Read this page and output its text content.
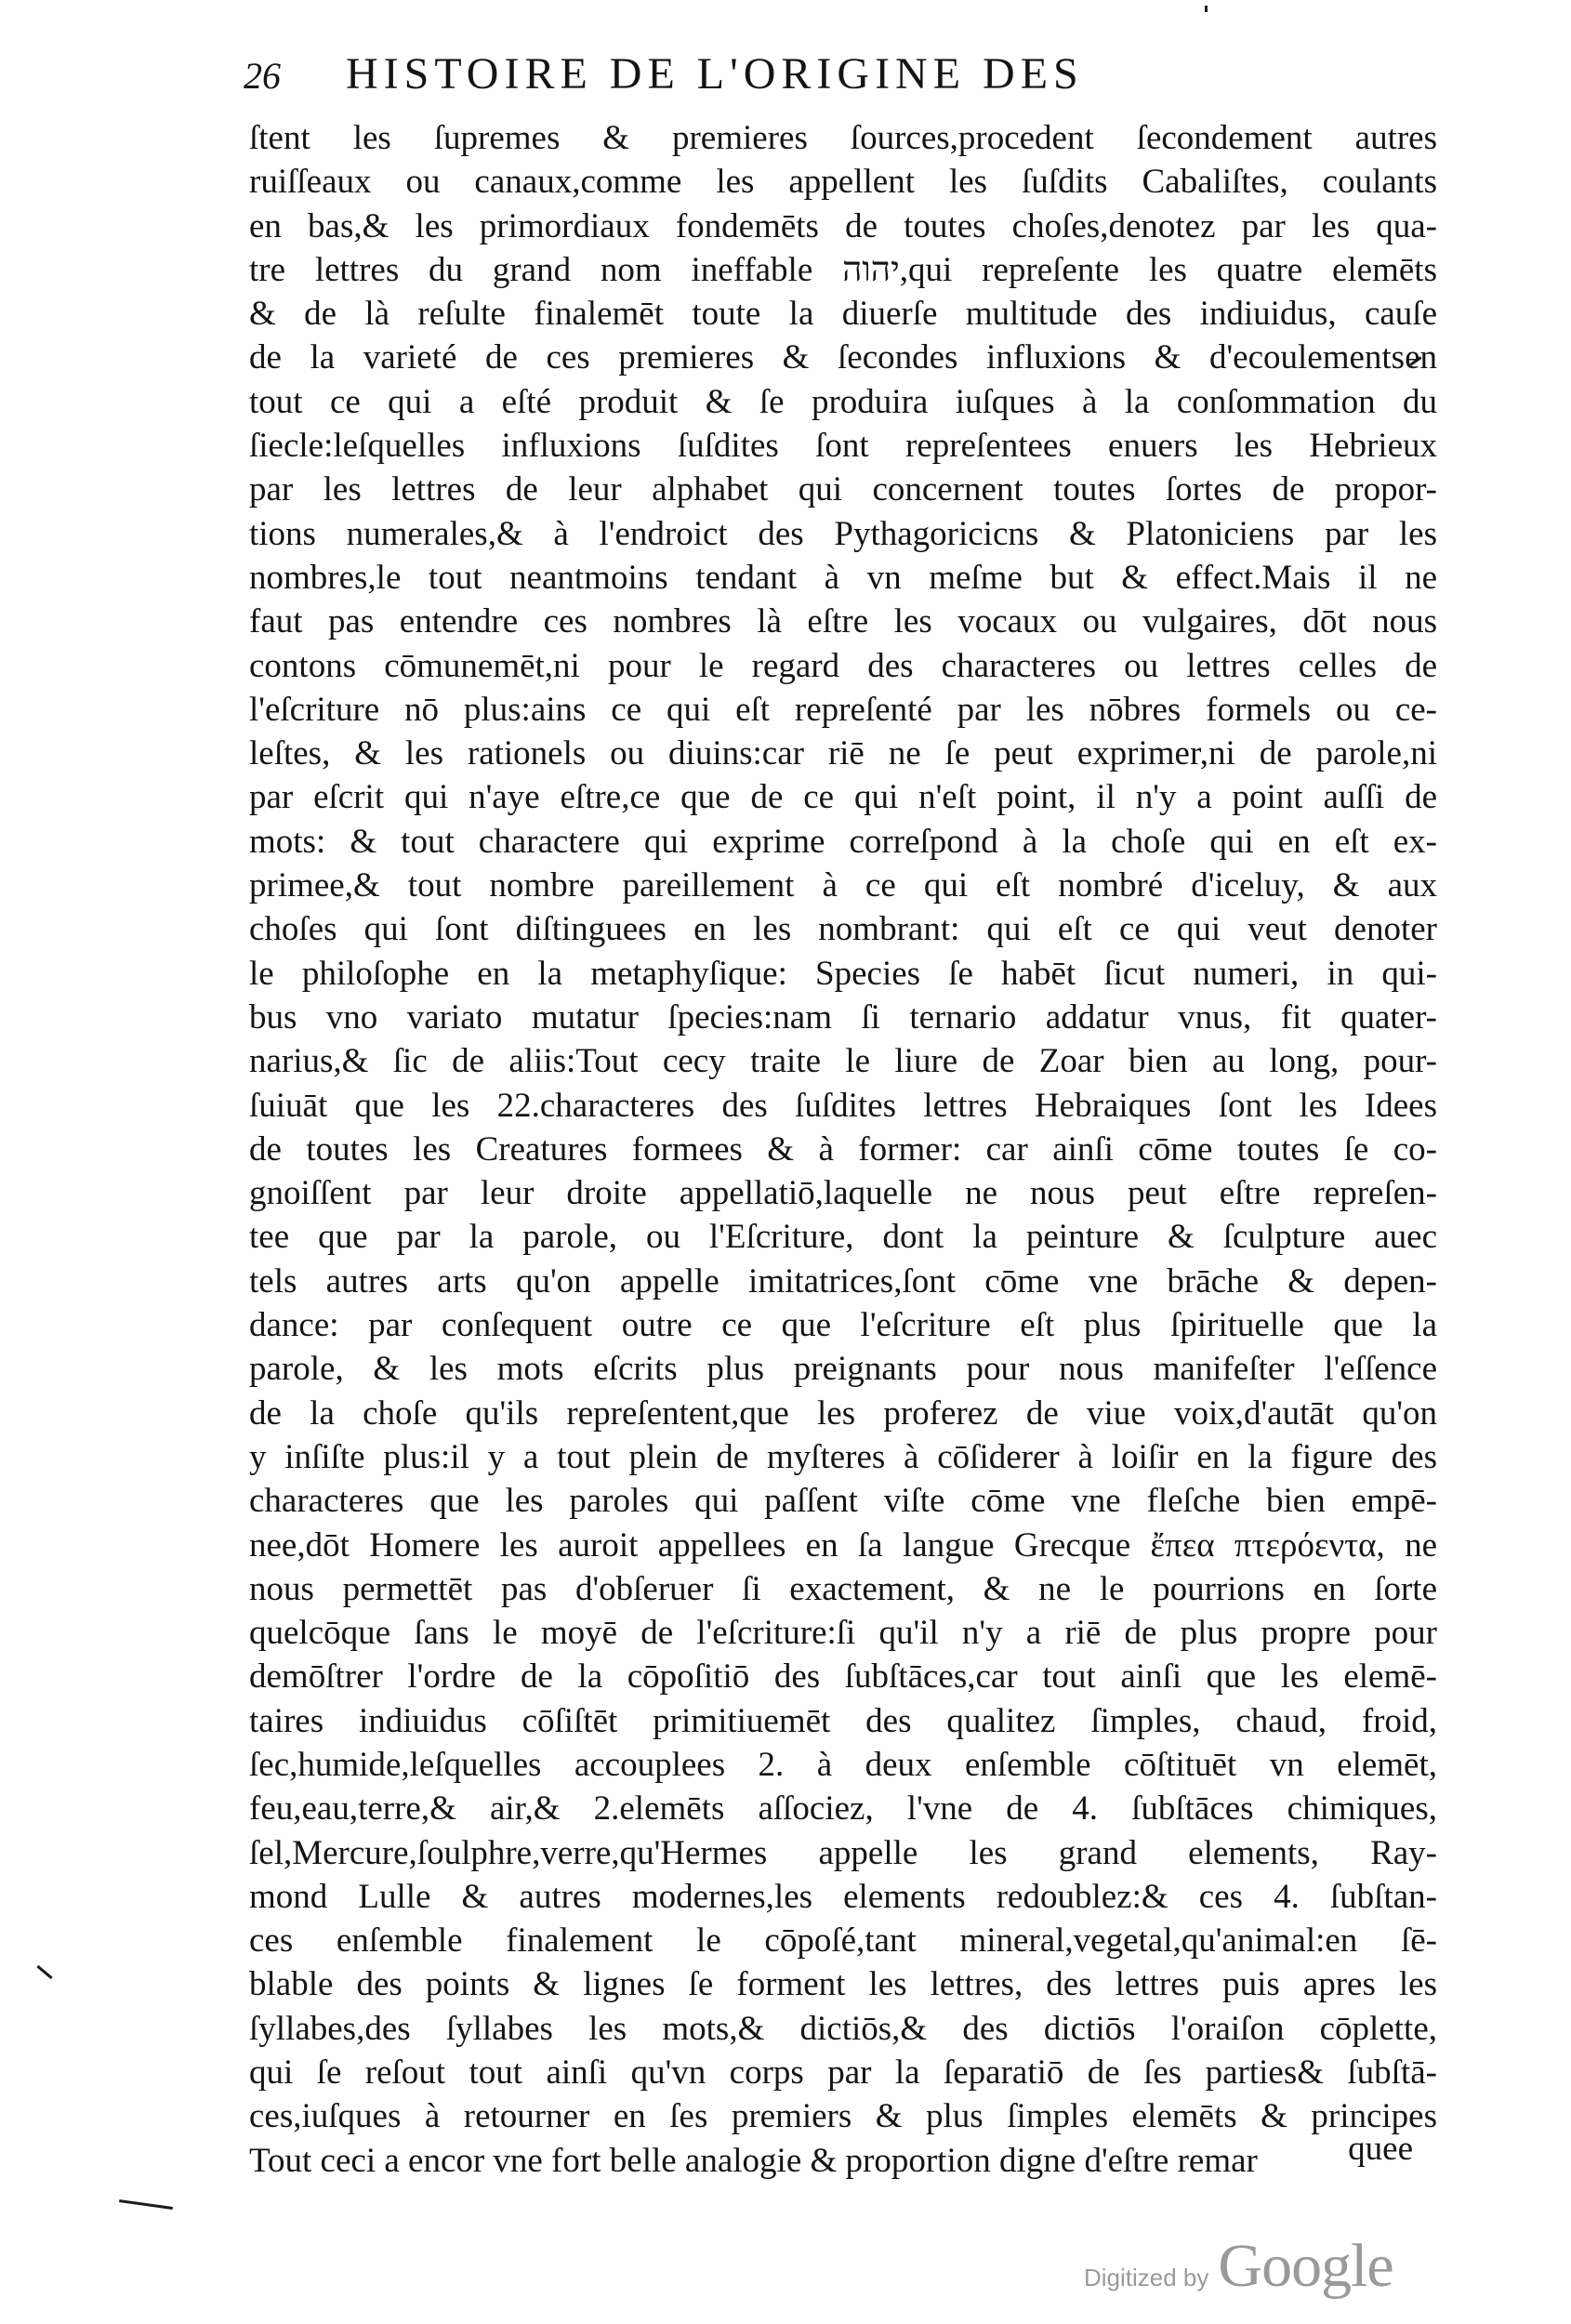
26	HISTOIRE DE L'ORIGINE DES
ſtent les ſupremes & premieres ſources,procedent ſecondement autres
ruiſſeaux ou canaux,comme les appellent les ſuſdits Cabaliſtes, coulants
en bas,& les primordiaux fondemēts de toutes choſes,denotez par les qua-
tre lettres du grand nom ineffable יהוה,qui repreſente les quatre elemēts
& de là reſulte finalemēt toute la diuerſe multitude des indiuidus, cauſe
de la varieté de ces premieres & ſecondes influxions & d'ecoulementsen
tout ce qui a eſté produit & ſe produira iuſques à la conſommation du
ſiecle:leſquelles influxions ſuſdites ſont repreſentees enuers les Hebrieux
par les lettres de leur alphabet qui concernent toutes ſortes de propor-
tions numerales,& à l'endroict des Pythagoricicns & Platoniciens par les
nombres,le tout neantmoins tendant à vn meſme but & effect.Mais il ne
faut pas entendre ces nombres là eſtre les vocaux ou vulgaires, dōt nous
contons cōmunemēt,ni pour le regard des characteres ou lettres celles de
l'eſcriture nō plus:ains ce qui eſt repreſenté par les nōbres formels ou ce-
leſtes, & les rationels ou diuins:car riē ne ſe peut exprimer,ni de parole,ni
par eſcrit qui n'aye eſtre,ce que de ce qui n'eſt point, il n'y a point auſſi de
mots: & tout charactere qui exprime correſpond à la choſe qui en eſt ex-
primee,& tout nombre pareillement à ce qui eſt nombré d'iceluy, & aux
choſes qui ſont diſtinguees en les nombrant: qui eſt ce qui veut denoter
le philoſophe en la metaphyſique: Species ſe habēt ſicut numeri, in qui-
bus vno variato mutatur ſpecies:nam ſi ternario addatur vnus, fit quater-
narius,& ſic de aliis:Tout cecy traite le liure de Zoar bien au long, pour-
ſuiuāt que les 22.characteres des ſuſdites lettres Hebraiques ſont les Idees
de toutes les Creatures formees & à former: car ainſi cōme toutes ſe co-
gnoiſſent par leur droite appellatiō,laquelle ne nous peut eſtre repreſen-
tee que par la parole, ou l'Eſcriture, dont la peinture & ſculpture auec
tels autres arts qu'on appelle imitatrices,ſont cōme vne brāche & depen-
dance: par conſequent outre ce que l'eſcriture eſt plus ſpirituelle que la
parole, & les mots eſcrits plus preignants pour nous manifeſter l'eſſence
de la choſe qu'ils repreſentent,que les proferez de viue voix,d'autāt qu'on
y inſiſte plus:il y a tout plein de myſteres à cōſiderer à loiſir en la figure des
characteres que les paroles qui paſſent viſte cōme vne fleſche bien empē-
nee,dōt Homere les auroit appellees en ſa langue Grecque ἔπεα πτερόεντα, ne
nous permettēt pas d'obſeruer ſi exactement, & ne le pourrions en ſorte
quelcōque ſans le moyē de l'eſcriture:ſi qu'il n'y a riē de plus propre pour
demōſtrer l'ordre de la cōpoſitiō des ſubſtāces,car tout ainſi que les elemē-
taires indiuidus cōſiſtēt primitiuemēt des qualitez ſimples, chaud, froid,
ſec,humide,leſquelles accouplees 2. à deux enſemble cōſtituēt vn elemēt,
feu,eau,terre,& air,& 2.elemēts aſſociez, l'vne de 4. ſubſtāces chimiques,
ſel,Mercure,ſoulphre,verre,qu'Hermes appelle les grand elements, Ray-
mond Lulle & autres modernes,les elements redoublez:& ces 4. ſubſtan-
ces enſemble finalement le cōpoſé,tant mineral,vegetal,qu'animal:en ſē-
blable des points & lignes ſe forment les lettres, des lettres puis apres les
ſyllabes,des ſyllabes les mots,& dictiōs,& des dictiōs l'oraiſon cōplette,
qui ſe reſout tout ainſi qu'vn corps par la ſeparatiō de ſes parties& ſubſtā-
ces,iuſques à retourner en ſes premiers & plus ſimples elemēts & principes
Tout ceci a encor vne fort belle analogie & proportion digne d'eſtre remar	quee
Digitized by Google
